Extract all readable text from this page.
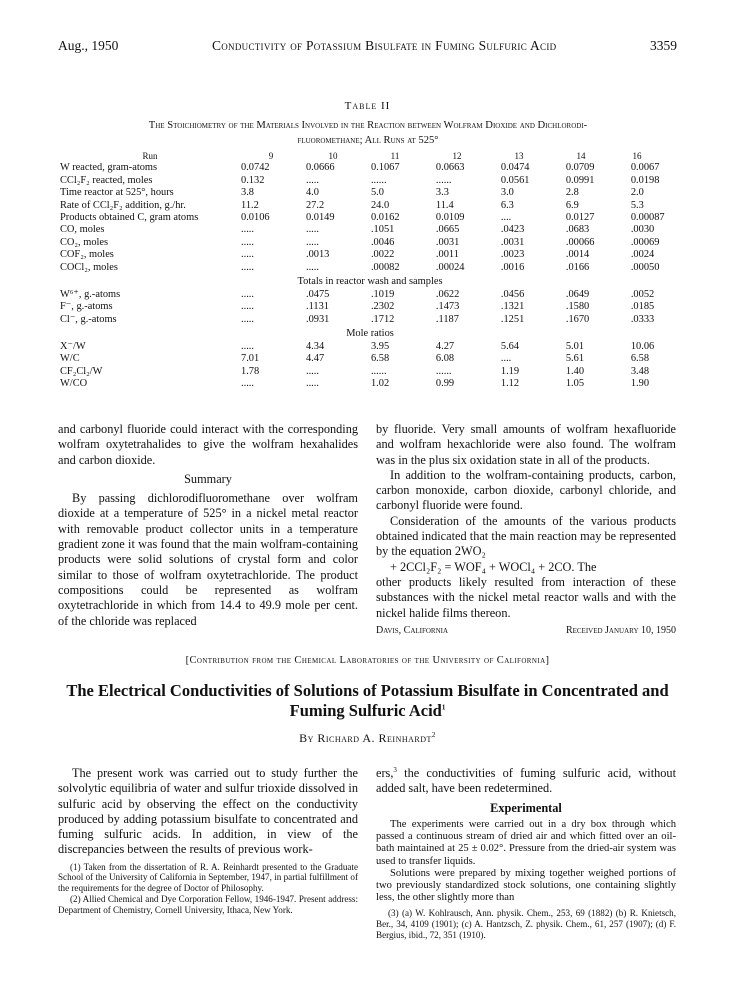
Aug., 1950	Conductivity of Potassium Bisulfate in Fuming Sulfuric Acid	3359
Table II
The Stoichiometry of the Materials Involved in the Reaction between Wolfram Dioxide and Dichlorodi-
fluoromethane; All Runs at 525°
Run	9	10	11	12	13	14	16
W reacted, gram-atoms	0.0742	0.0666	0.1067	0.0663	0.0474	0.0709	0.0067
CCl₂F₂ reacted, moles	0.132	.....	......	......	0.0561	0.0991	0.0198
Time reactor at 525°, hours	3.8	4.0	5.0	3.3	3.0	2.8	2.0
Rate of CCl₂F₂ addition, g./hr.	11.2	27.2	24.0	11.4	6.3	6.9	5.3
Products obtained C, gram atoms	0.0106	0.0149	0.0162	0.0109	....	0.0127	0.00087
CO, moles	.....	.....	.1051	.0665	.0423	.0683	.0030
CO₂, moles	.....	.....	.0046	.0031	.0031	.00066	.00069
COF₂, moles	.....	.0013	.0022	.0011	.0023	.0014	.0024
COCl₂, moles	.....	.....	.00082	.00024	.0016	.0166	.00050
Totals in reactor wash and samples
W⁶⁺, g.-atoms	.....	.0475	.1019	.0622	.0456	.0649	.0052
F⁻, g.-atoms	.....	.1131	.2302	.1473	.1321	.1580	.0185
Cl⁻, g.-atoms	.....	.0931	.1712	.1187	.1251	.1670	.0333
Mole ratios
X⁻/W	.....	4.34	3.95	4.27	5.64	5.01	10.06
W/C	7.01	4.47	6.58	6.08	....	5.61	6.58
CF₂Cl₂/W	1.78	.....	......	......	1.19	1.40	3.48
W/CO	.....	.....	1.02	0.99	1.12	1.05	1.90

and carbonyl fluoride could interact with the corresponding wolfram oxytetrahalides to give the wolfram hexahalides and carbon dioxide.

Summary

By passing dichlorodifluoromethane over wolfram dioxide at a temperature of 525° in a nickel metal reactor with removable product collector units in a temperature gradient zone it was found that the main wolfram-containing products were solid solutions of crystal form and color similar to those of wolfram oxytetrachloride. The product compositions could be represented as wolfram oxytetrachloride in which from 14.4 to 49.9 mole per cent. of the chloride was replaced

by fluoride. Very small amounts of wolfram hexafluoride and wolfram hexachloride were also found. The wolfram was in the plus six oxidation state in all of the products.

In addition to the wolfram-containing products, carbon, carbon monoxide, carbon dioxide, carbonyl chloride, and carbonyl fluoride were found.

Consideration of the amounts of the various products obtained indicated that the main reaction may be represented by the equation 2WO₂

+ 2CCl₂F₂ = WOF₄ + WOCl₄ + 2CO. The

other products likely resulted from interaction of these substances with the nickel metal reactor walls and with the nickel halide films thereon.

Davis, California	Received January 10, 1950
[Contribution from the Chemical Laboratories of the University of California]
The Electrical Conductivities of Solutions of Potassium Bisulfate in Concentrated and Fuming Sulfuric Acid$^1$
By Richard A. Reinhardt$^2$

The present work was carried out to study further the solvolytic equilibria of water and sulfur trioxide dissolved in sulfuric acid by observing the effect on the conductivity produced by adding potassium bisulfate to concentrated and fuming sulfuric acids. In addition, in view of the discrepancies between the results of previous work-

(1) Taken from the dissertation of R. A. Reinhardt presented to the Graduate School of the University of California in September, 1947, in partial fulfillment of the requirements for the degree of Doctor of Philosophy.

(2) Allied Chemical and Dye Corporation Fellow, 1946-1947. Present address: Department of Chemistry, Cornell University, Ithaca, New York.

ers,$^3$ the conductivities of fuming sulfuric acid, without added salt, have been redetermined.

Experimental

The experiments were carried out in a dry box through which passed a continuous stream of dried air and which fitted over an oil-bath maintained at 25 ± 0.02°. Pressure from the dried-air system was used to transfer liquids.

Solutions were prepared by mixing together weighed portions of two previously standardized stock solutions, one containing slightly less, the other slightly more than

(3) (a) W. Kohlrausch, Ann. physik. Chem., 253, 69 (1882) (b) R. Knietsch, Ber., 34, 4109 (1901); (c) A. Hantzsch, Z. physik. Chem., 61, 257 (1907); (d) F. Bergius, ibid., 72, 351 (1910).
